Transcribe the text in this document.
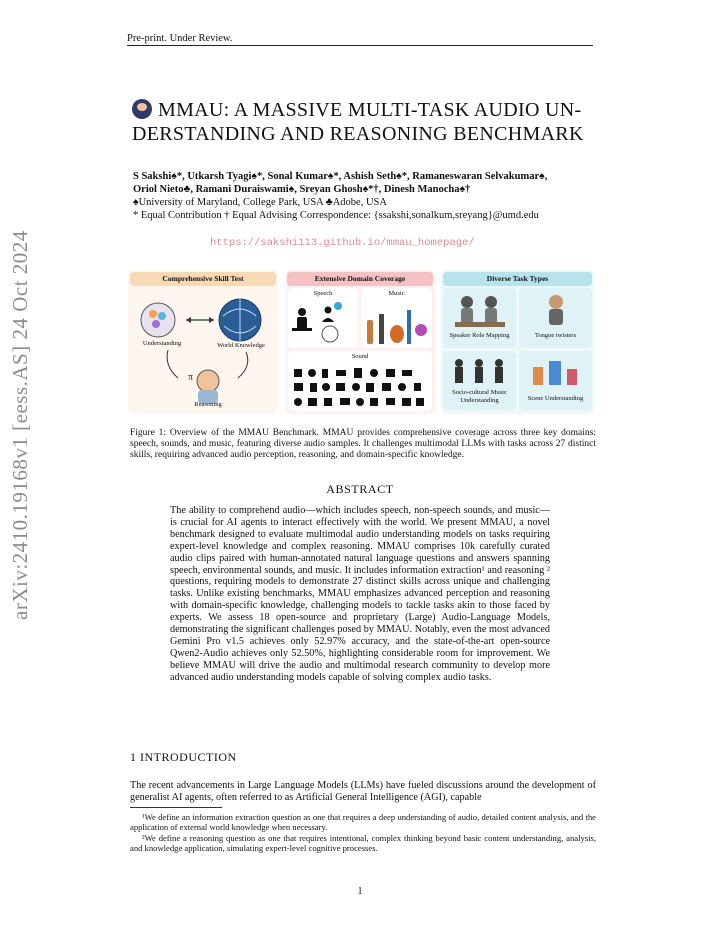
Pre-print. Under Review.
arXiv:2410.19168v1 [eess.AS] 24 Oct 2024
MMAU: A MASSIVE MULTI-TASK AUDIO UN-
DERSTANDING AND REASONING BENCHMARK
S Sakshi♠*, Utkarsh Tyagi♠*, Sonal Kumar♠*, Ashish Seth♠*, Ramaneswaran Selvakumar♠,
Oriol Nieto♣, Ramani Duraiswami♠, Sreyan Ghosh♠*†, Dinesh Manocha♠†
♠University of Maryland, College Park, USA ♣Adobe, USA
* Equal Contribution † Equal Advising Correspondence: {ssakshi,sonalkum,sreyang}@umd.edu
https://sakshi113.github.io/mmau_homepage/
Comprehensive Skill Test
π
Understanding	World Knowledge
Reasoning
Extensive Domain Coverage
Speech	Music
Sound
Diverse Task Types
Speaker Role Mapping	Tongue twisters
Socio-cultural Music Understanding	Scene Understanding
Figure 1: Overview of the MMAU Benchmark. MMAU provides comprehensive coverage across three key domains: speech, sounds, and music, featuring diverse audio samples. It challenges multimodal LLMs with tasks across 27 distinct skills, requiring advanced audio perception, reasoning, and domain-specific knowledge.
ABSTRACT
The ability to comprehend audio—which includes speech, non-speech sounds, and music—is crucial for AI agents to interact effectively with the world. We present MMAU, a novel benchmark designed to evaluate multimodal audio understanding models on tasks requiring expert-level knowledge and complex reasoning. MMAU comprises 10k carefully curated audio clips paired with human-annotated natural language questions and answers spanning speech, environmental sounds, and music. It includes information extraction¹ and reasoning ² questions, requiring models to demonstrate 27 distinct skills across unique and challenging tasks. Unlike existing benchmarks, MMAU emphasizes advanced perception and reasoning with domain-specific knowledge, challenging models to tackle tasks akin to those faced by experts. We assess 18 open-source and proprietary (Large) Audio-Language Models, demonstrating the significant challenges posed by MMAU. Notably, even the most advanced Gemini Pro v1.5 achieves only 52.97% accuracy, and the state-of-the-art open-source Qwen2-Audio achieves only 52.50%, highlighting considerable room for improvement. We believe MMAU will drive the audio and multimodal research community to develop more advanced audio understanding models capable of solving complex audio tasks.
1 INTRODUCTION
The recent advancements in Large Language Models (LLMs) have fueled discussions around the development of generalist AI agents, often referred to as Artificial General Intelligence (AGI), capable

¹We define an information extraction question as one that requires a deep understanding of audio, detailed content analysis, and the application of external world knowledge when necessary.

²We define a reasoning question as one that requires intentional, complex thinking beyond basic content understanding, analysis, and knowledge application, simulating expert-level cognitive processes.

1
